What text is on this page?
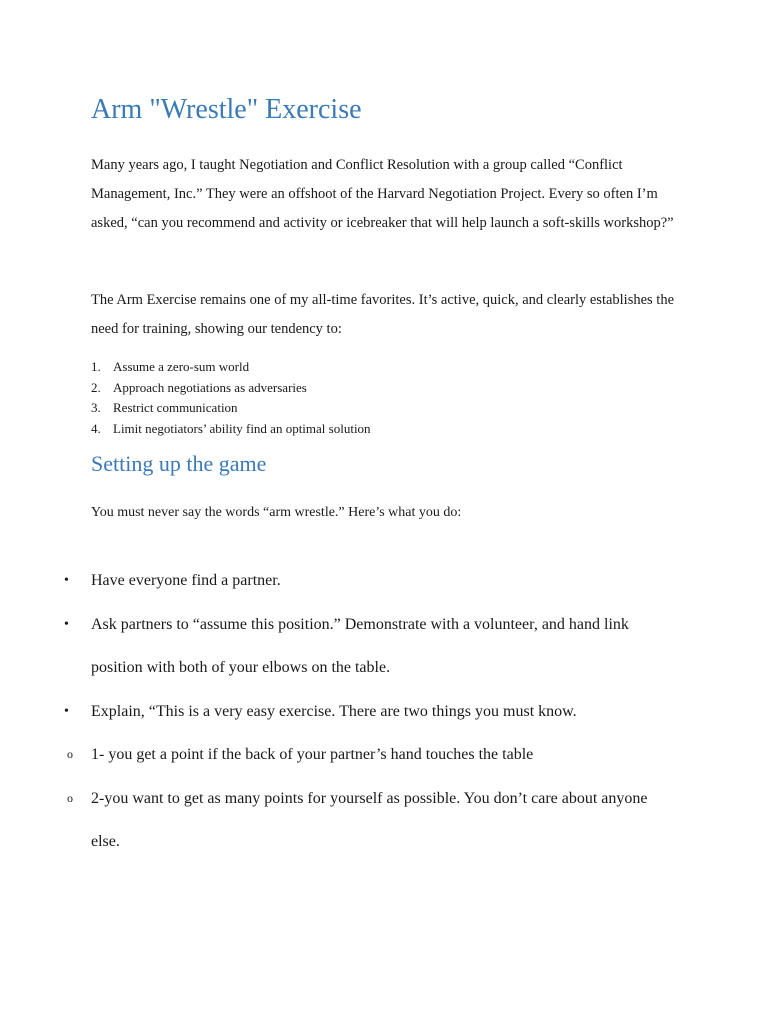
Arm "Wrestle" Exercise

Many years ago, I taught Negotiation and Conflict Resolution with a group called “Conflict Management, Inc.” They were an offshoot of the Harvard Negotiation Project. Every so often I’m asked, “can you recommend and activity or icebreaker that will help launch a soft-skills workshop?”

The Arm Exercise remains one of my all-time favorites. It’s active, quick, and clearly establishes the need for training, showing our tendency to:

1. Assume a zero-sum world
2. Approach negotiations as adversaries
3. Restrict communication
4. Limit negotiators’ ability find an optimal solution
Setting up the game

You must never say the words “arm wrestle.” Here’s what you do:

• Have everyone find a partner.
• Ask partners to “assume this position.” Demonstrate with a volunteer, and hand link position with both of your elbows on the table.
• Explain, “This is a very easy exercise. There are two things you must know.
o 1- you get a point if the back of your partner’s hand touches the table
o 2-you want to get as many points for yourself as possible. You don’t care about anyone else.
